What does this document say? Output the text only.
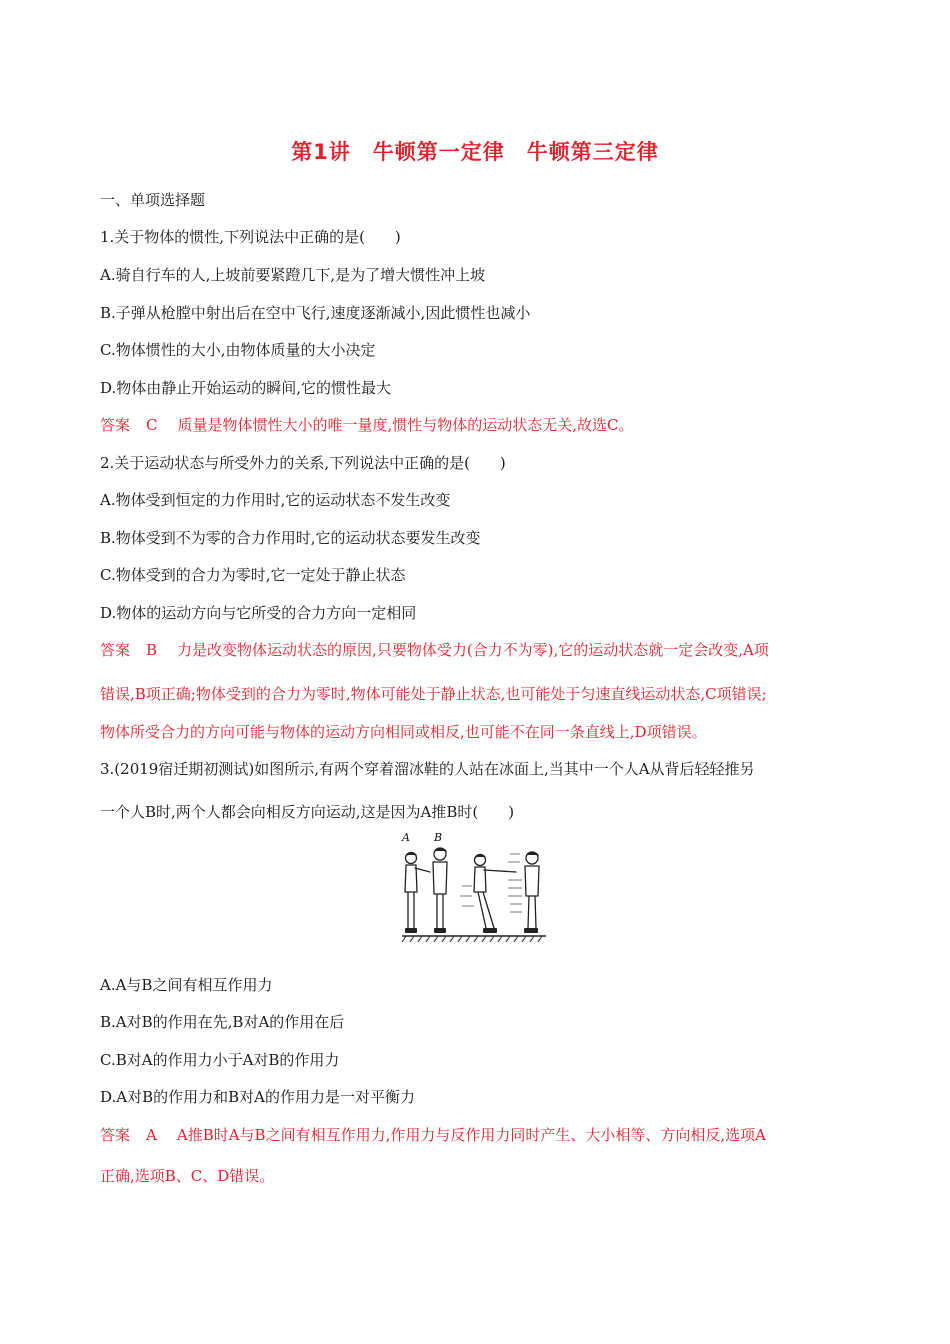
第1讲　牛顿第一定律　牛顿第三定律

一、单项选择题

1.关于物体的惯性,下列说法中正确的是(　　)

A.骑自行车的人,上坡前要紧蹬几下,是为了增大惯性冲上坡

B.子弹从枪膛中射出后在空中飞行,速度逐渐减小,因此惯性也减小

C.物体惯性的大小,由物体质量的大小决定

D.物体由静止开始运动的瞬间,它的惯性最大

答案 C 质量是物体惯性大小的唯一量度,惯性与物体的运动状态无关,故选C。

2.关于运动状态与所受外力的关系,下列说法中正确的是(　　)

A.物体受到恒定的力作用时,它的运动状态不发生改变

B.物体受到不为零的合力作用时,它的运动状态要发生改变

C.物体受到的合力为零时,它一定处于静止状态

D.物体的运动方向与它所受的合力方向一定相同

答案 B 力是改变物体运动状态的原因,只要物体受力(合力不为零),它的运动状态就一定会改变,A项

错误,B项正确;物体受到的合力为零时,物体可能处于静止状态,也可能处于匀速直线运动状态,C项错误;

物体所受合力的方向可能与物体的运动方向相同或相反,也可能不在同一条直线上,D项错误。

3.(2019宿迁期初测试)如图所示,有两个穿着溜冰鞋的人站在冰面上,当其中一个人A从背后轻轻推另

一个人B时,两个人都会向相反方向运动,这是因为A推B时(　　)

A B

A.A与B之间有相互作用力

B.A对B的作用在先,B对A的作用在后

C.B对A的作用力小于A对B的作用力

D.A对B的作用力和B对A的作用力是一对平衡力

答案 A A推B时A与B之间有相互作用力,作用力与反作用力同时产生、大小相等、方向相反,选项A

正确,选项B、C、D错误。
